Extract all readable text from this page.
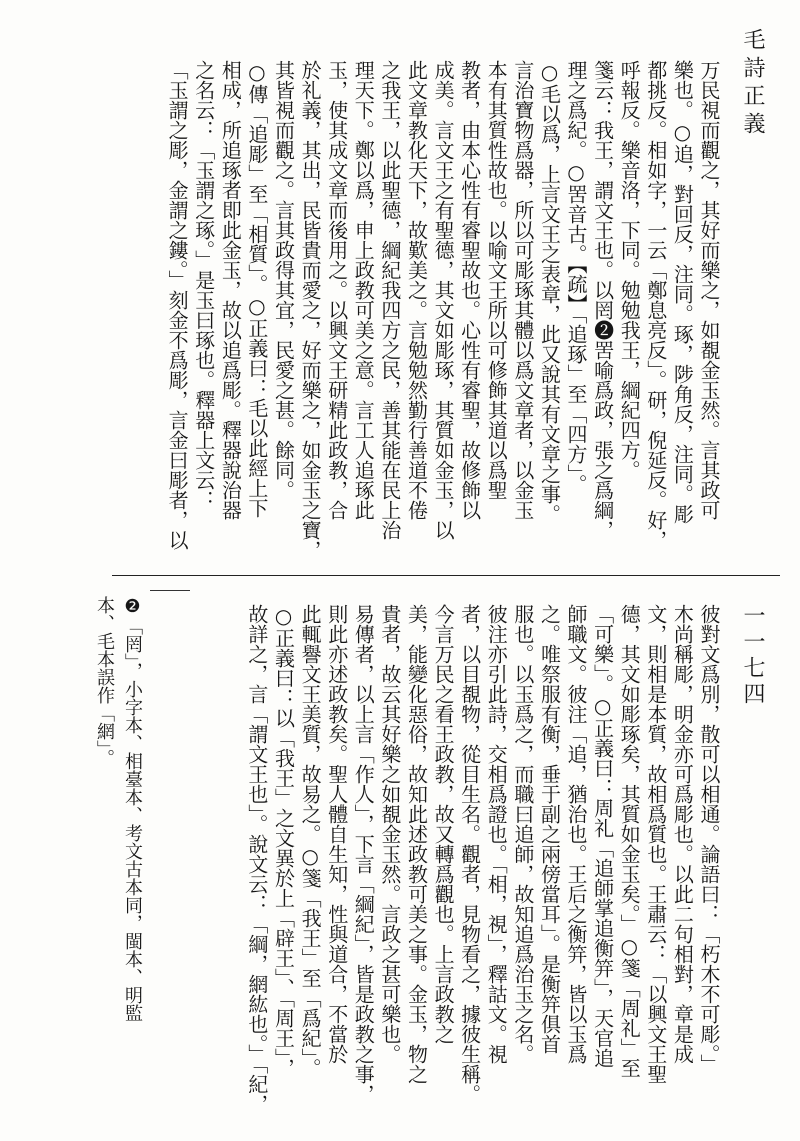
毛詩正義
一一七四
万民視而觀之，其好而樂之，如覩金玉然。言其政可
樂也。○追，對回反，注同。琢，陟角反，注同。彫
都挑反。相如字，一云「鄭息亮反」。研，倪延反。好，
呼報反。樂音洛，下同。勉勉我王，綱紀四方。
箋云：我王，謂文王也。以罔❷罟喻爲政，張之爲綱，
理之爲紀。○罟音古。【疏】「追琢」至「四方」。
○毛以爲，上言文王之表章，此又說其有文章之事。
言治寶物爲器，所以可彫琢其體以爲文章者，以金玉
本有其質性故也。以喻文王所以可修飾其道以爲聖
教者，由本心性有睿聖故也。心性有睿聖，故修飾以
成美。言文王之有聖德，其文如彫琢，其質如金玉，以
此文章教化天下，故歎美之。言勉勉然勤行善道不倦
之我王，以此聖德，綱紀我四方之民，善其能在民上治
理天下。鄭以爲，申上政教可美之意。言工人追琢此
玉，使其成文章而後用之。以興文王研精此政教，合
於礼義，其出，民皆貴而愛之，好而樂之，如金玉之寶，
其皆視而觀之。言其政得其宜，民愛之甚。餘同。
○傳「追彫」至「相質」。○正義曰：毛以此經上下
相成，所追琢者即此金玉，故以追爲彫。釋器說治器
之名云：「玉謂之琢。」是玉曰琢也。釋器上文云：
「玉謂之彫，金謂之鏤。」刻金不爲彫，言金曰彫者，以
彼對文爲別，散可以相通。論語曰：「朽木不可彫。」
木尚稱彫，明金亦可爲彫也。以此二句相對，章是成
文，則相是本質，故相爲質也。王肅云：「以興文王聖
德，其文如彫琢矣，其質如金玉矣。」○箋「周礼」至
「可樂」。○正義曰：周礼「追師掌追衡笄」，天官追
師職文。彼注「追，猶治也。王后之衡笄，皆以玉爲
之。唯祭服有衡，垂于副之兩傍當耳」。是衡笄俱首
服也。以玉爲之，而職曰追師，故知追爲治玉之名。
彼注亦引此詩，交相爲證也。「相，視」，釋詁文。視
者，以目覩物，從目生名。觀者，見物看之，據彼生稱。
今言万民之看王政教，故又轉爲觀也。上言政教之
美，能變化惡俗，故知此述政教可美之事。金玉，物之
貴者，故云其好樂之如覩金玉然。言政之甚可樂也。
易傳者，以上言「作人」，下言「綱紀」，皆是政教之事，
則此亦述政教矣。聖人體自生知，性與道合，不當於
此輒譽文王美質，故易之。○箋「我王」至「爲紀」。
○正義曰：以「我王」之文異於上「辟王」、「周王」，
故詳之，言「謂文王也」。說文云：「綱，網紘也。」「紀，
❷「罔」，小字本、相臺本、考文古本同，閩本、明監
本、毛本誤作「網」。
